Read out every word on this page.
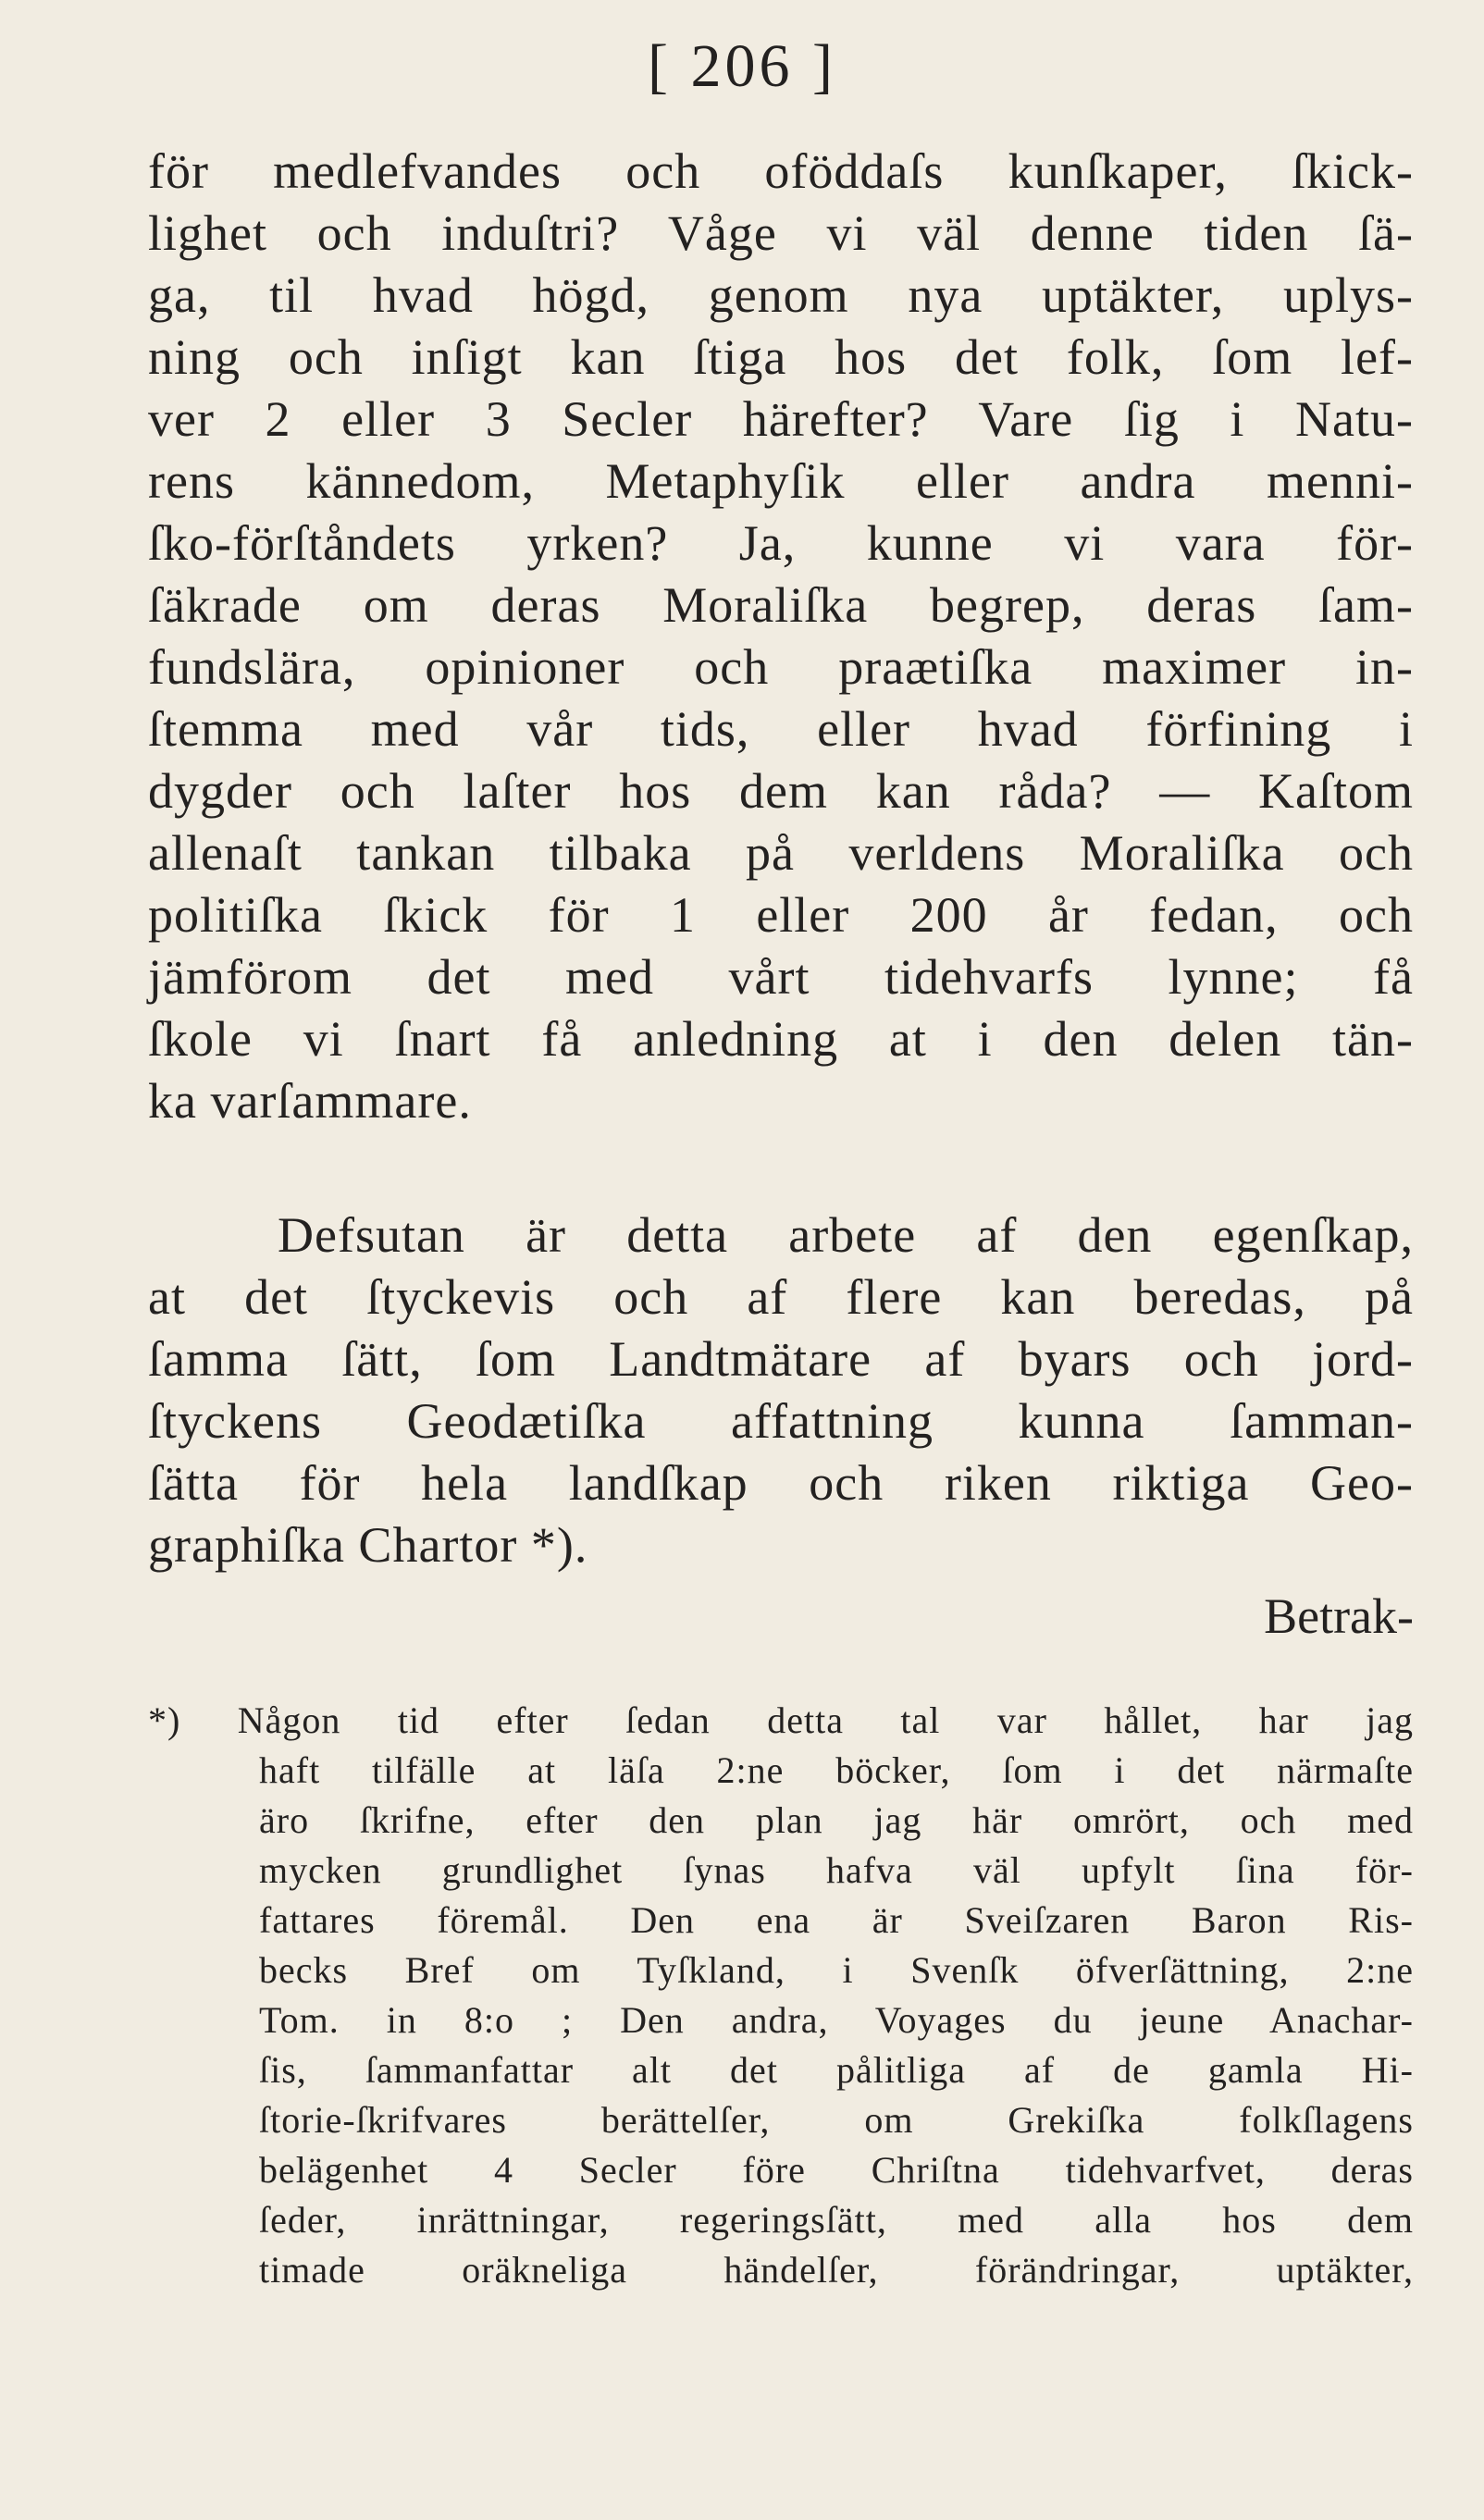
[ 206 ]
för medlefvandes och oföddaſs kunſkaper, ſkick-
lighet och induſtri? Våge vi väl denne tiden ſä-
ga, til hvad högd, genom nya uptäkter, uplys-
ning och inſigt kan ſtiga hos det folk, ſom lef-
ver 2 eller 3 Secler härefter? Vare ſig i Natu-
rens kännedom, Metaphyſik eller andra menni-
ſko-förſtåndets yrken? Ja, kunne vi vara för-
ſäkrade om deras Moraliſka begrep, deras ſam-
fundslära, opinioner och praætiſka maximer in-
ſtemma med vår tids, eller hvad förfining i
dygder och laſter hos dem kan råda? — Kaſtom
allenaſt tankan tilbaka på verldens Moraliſka och
politiſka ſkick för 1 eller 200 år fedan, och
jämförom det med vårt tidehvarfs lynne; få
ſkole vi ſnart få anledning at i den delen tän-
ka varſammare.
Defsutan är detta arbete af den egenſkap,
at det ſtyckevis och af flere kan beredas, på
ſamma ſätt, ſom Landtmätare af byars och jord-
ſtyckens Geodætiſka affattning kunna ſamman-
ſätta för hela landſkap och riken riktiga Geo-
graphiſka Chartor *).
Betrak-
*) Någon tid efter ſedan detta tal var hållet, har jag
haft tilfälle at läſa 2:ne böcker, ſom i det närmaſte
äro ſkrifne, efter den plan jag här omrört, och med
mycken grundlighet ſynas hafva väl upfylt ſina för-
fattares föremål. Den ena är Sveiſzaren Baron Ris-
becks Bref om Tyſkland, i Svenſk öfverſättning, 2:ne
Tom. in 8:o ; Den andra, Voyages du jeune Anachar-
ſis, ſammanfattar alt det pålitliga af de gamla Hi-
ſtorie-ſkrifvares berättelſer, om Grekiſka folkſlagens
belägenhet 4 Secler före Chriſtna tidehvarfvet, deras
ſeder, inrättningar, regeringsſätt, med alla hos dem
timade oräkneliga händelſer, förändringar, uptäkter,
